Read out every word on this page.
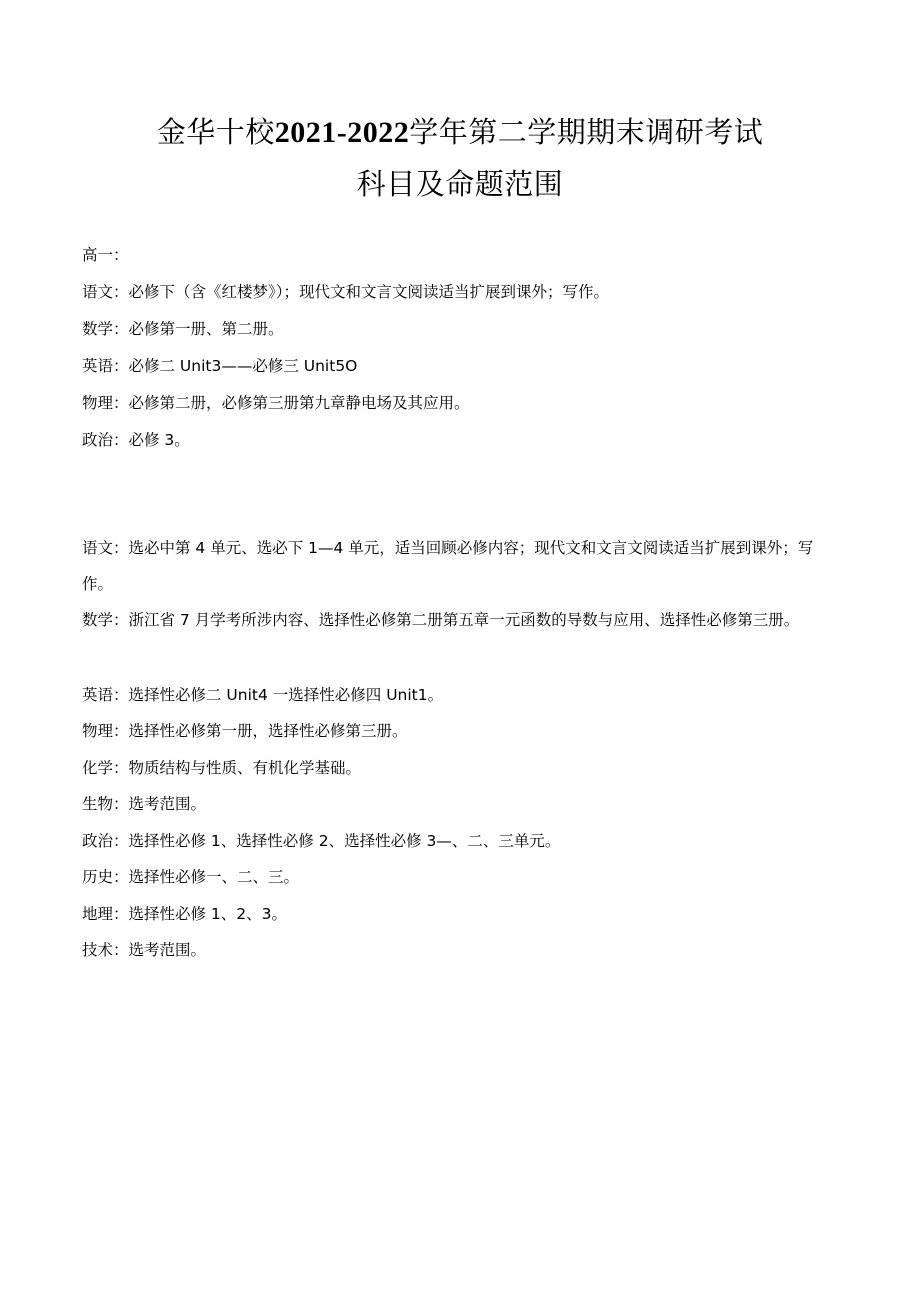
金华十校2021-2022学年第二学期期末调研考试
科目及命题范围
高一：
语文：必修下（含《红楼梦》）；现代文和文言文阅读适当扩展到课外；写作。
数学：必修第一册、第二册。
英语：必修二 Unit3——必修三 Unit5O
物理：必修第二册，必修第三册第九章静电场及其应用。
政治：必修 3。
语文：选必中第 4 单元、选必下 1—4 单元，适当回顾必修内容；现代文和文言文阅读适当扩展到课外；写作。
数学：浙江省 7 月学考所涉内容、选择性必修第二册第五章一元函数的导数与应用、选择性必修第三册。
英语：选择性必修二 Unit4 一选择性必修四 Unit1。
物理：选择性必修第一册，选择性必修第三册。
化学：物质结构与性质、有机化学基础。
生物：选考范围。
政治：选择性必修 1、选择性必修 2、选择性必修 3—、二、三单元。
历史：选择性必修一、二、三。
地理：选择性必修 1、2、3。
技术：选考范围。
